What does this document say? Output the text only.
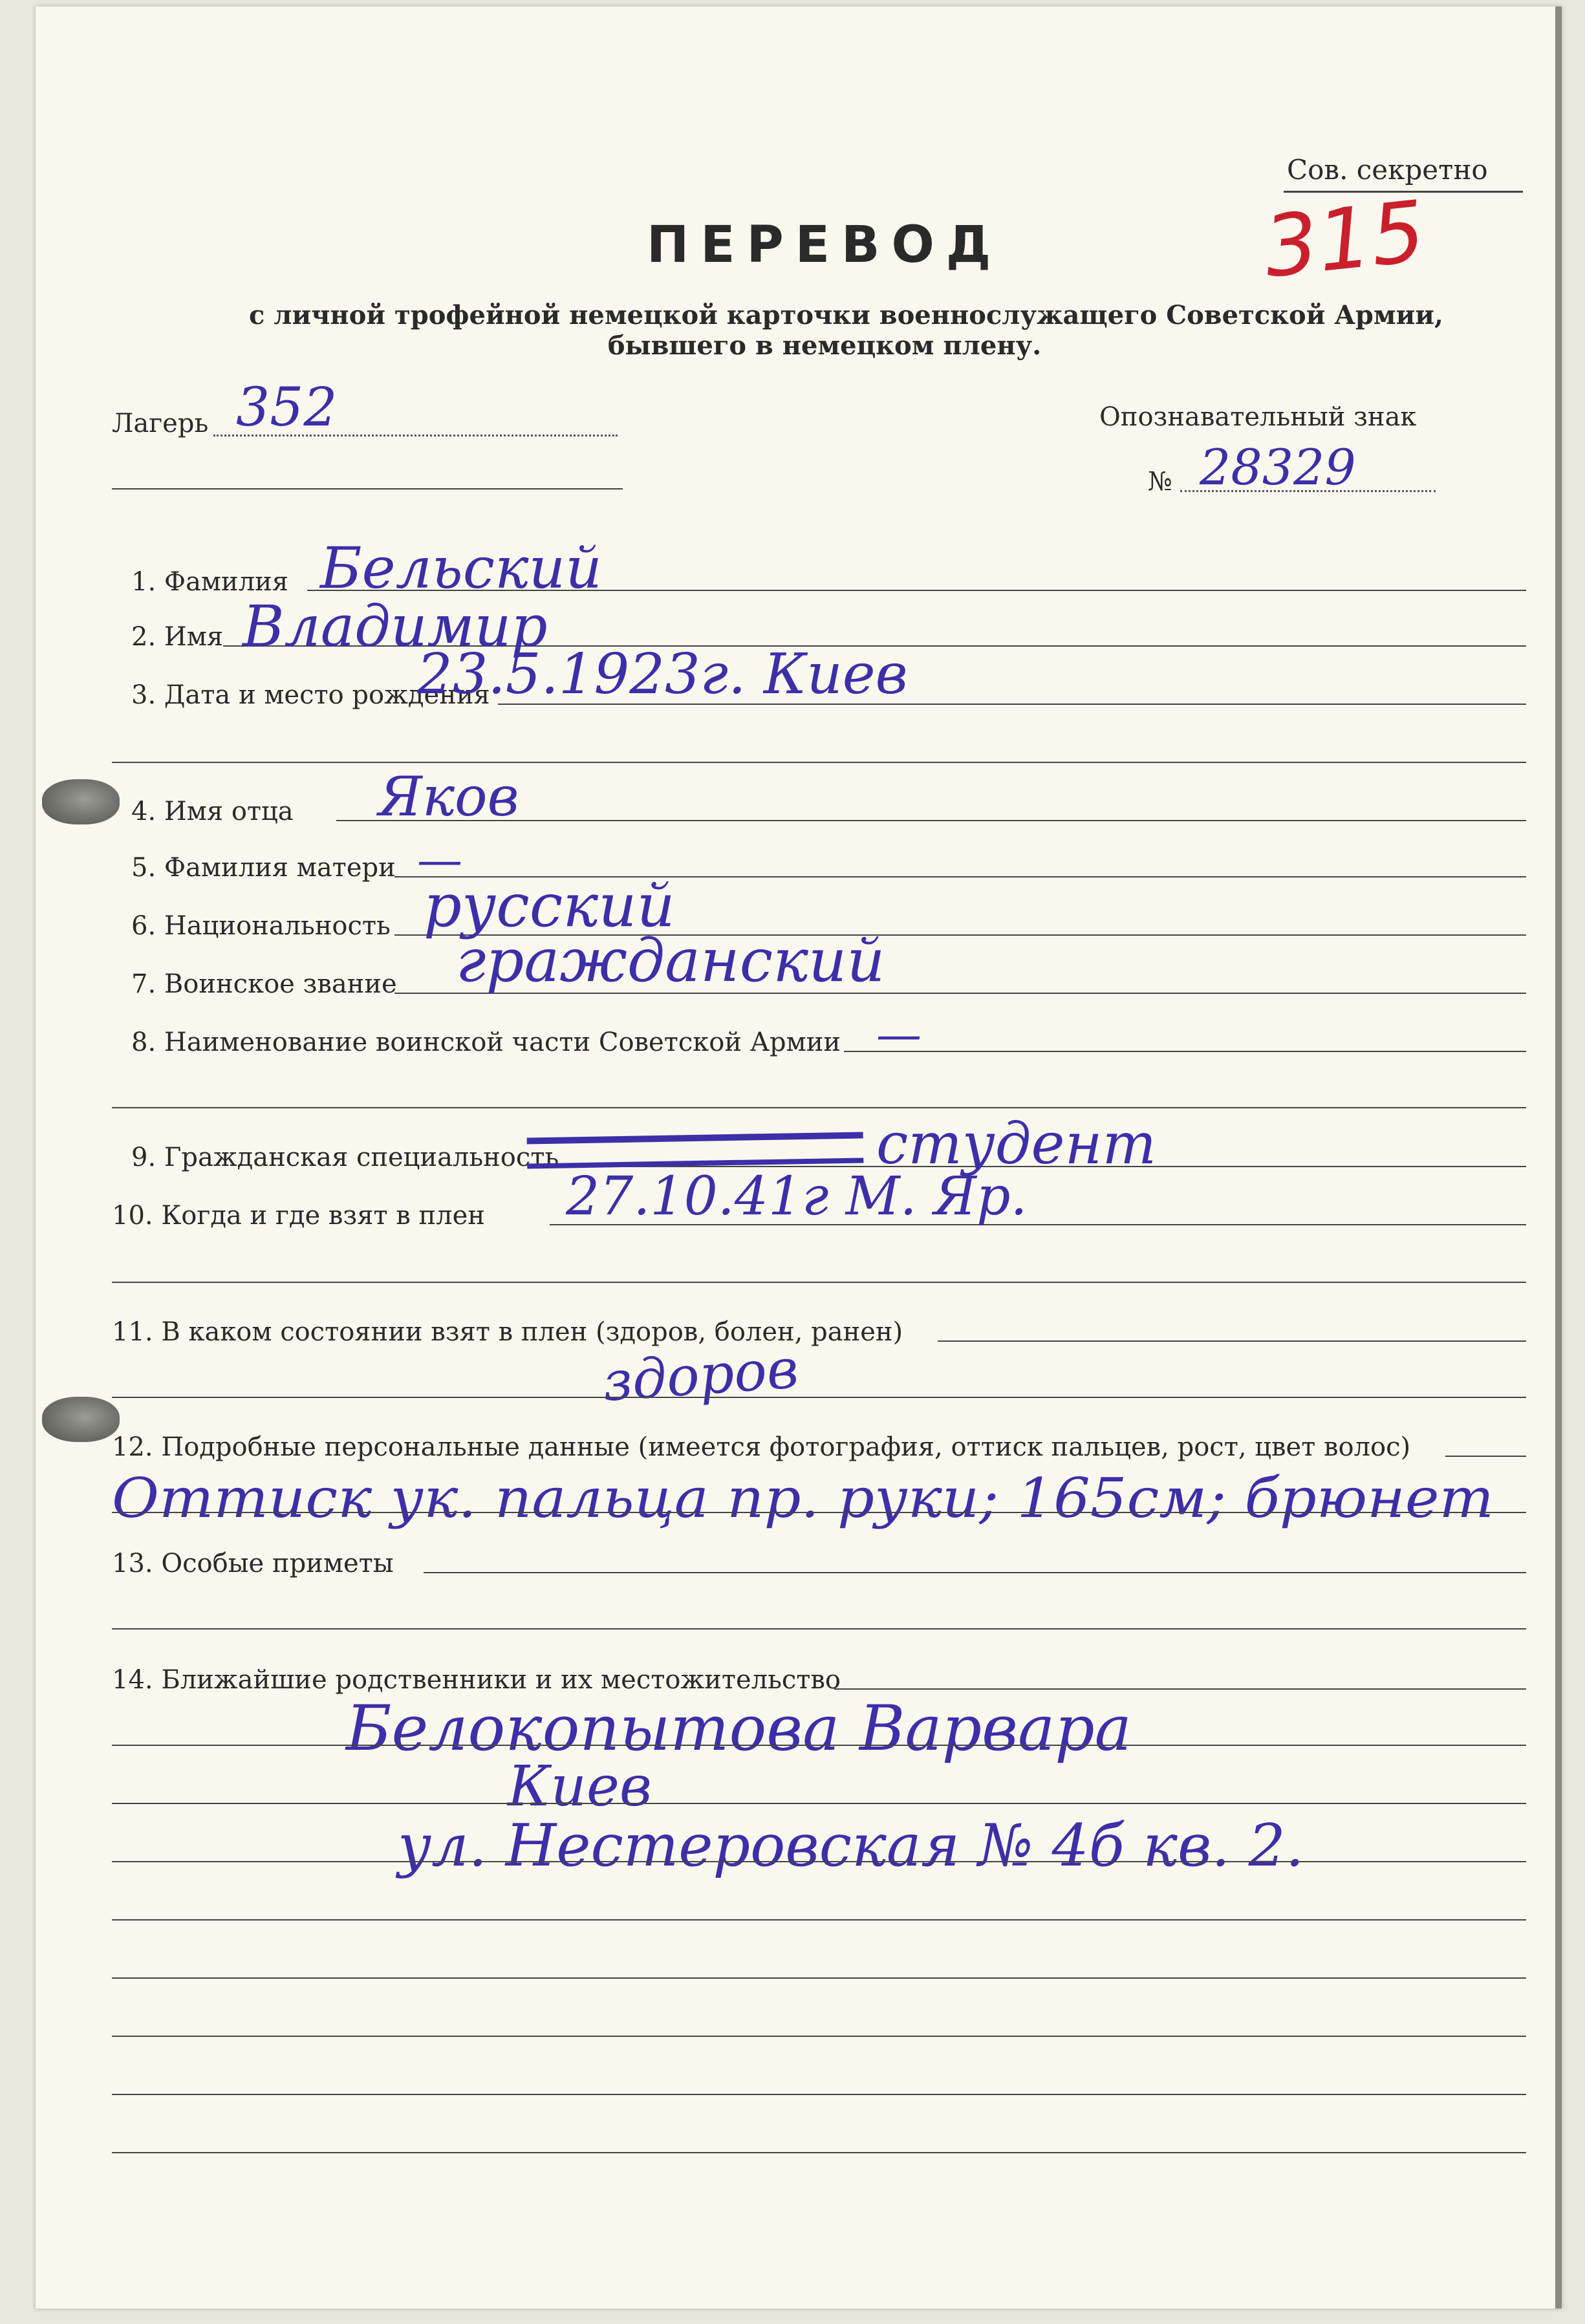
Сов. секретно
315
ПЕРЕВОД
с личной трофейной немецкой карточки военнослужащего Советской Армии,
бывшего в немецком плену.
Лагерь 352	Опознавательный знак
№ 28329
1. Фамилия Бельский
2. Имя Владимир
3. Дата и место рождения
23.5.1923г. Киев
4. Имя отца Яков
5. Фамилия матери —
6. Национальность русский
7. Воинское звание гражданский
8. Наименование воинской части Советской Армии —
9. Гражданская специальность	студент
10. Когда и где взят в плен 27.10.41г М. Яр.
11. В каком состоянии взят в плен (здоров, болен, ранен)
здоров
12. Подробные персональные данные (имеется фотография, оттиск пальцев, рост, цвет волос)
Оттиск ук. пальца пр. руки; 165см; брюнет
13. Особые приметы
14. Ближайшие родственники и их местожительство
Белокопытова Варвара
Киев
ул. Нестеровская № 4б кв. 2.
